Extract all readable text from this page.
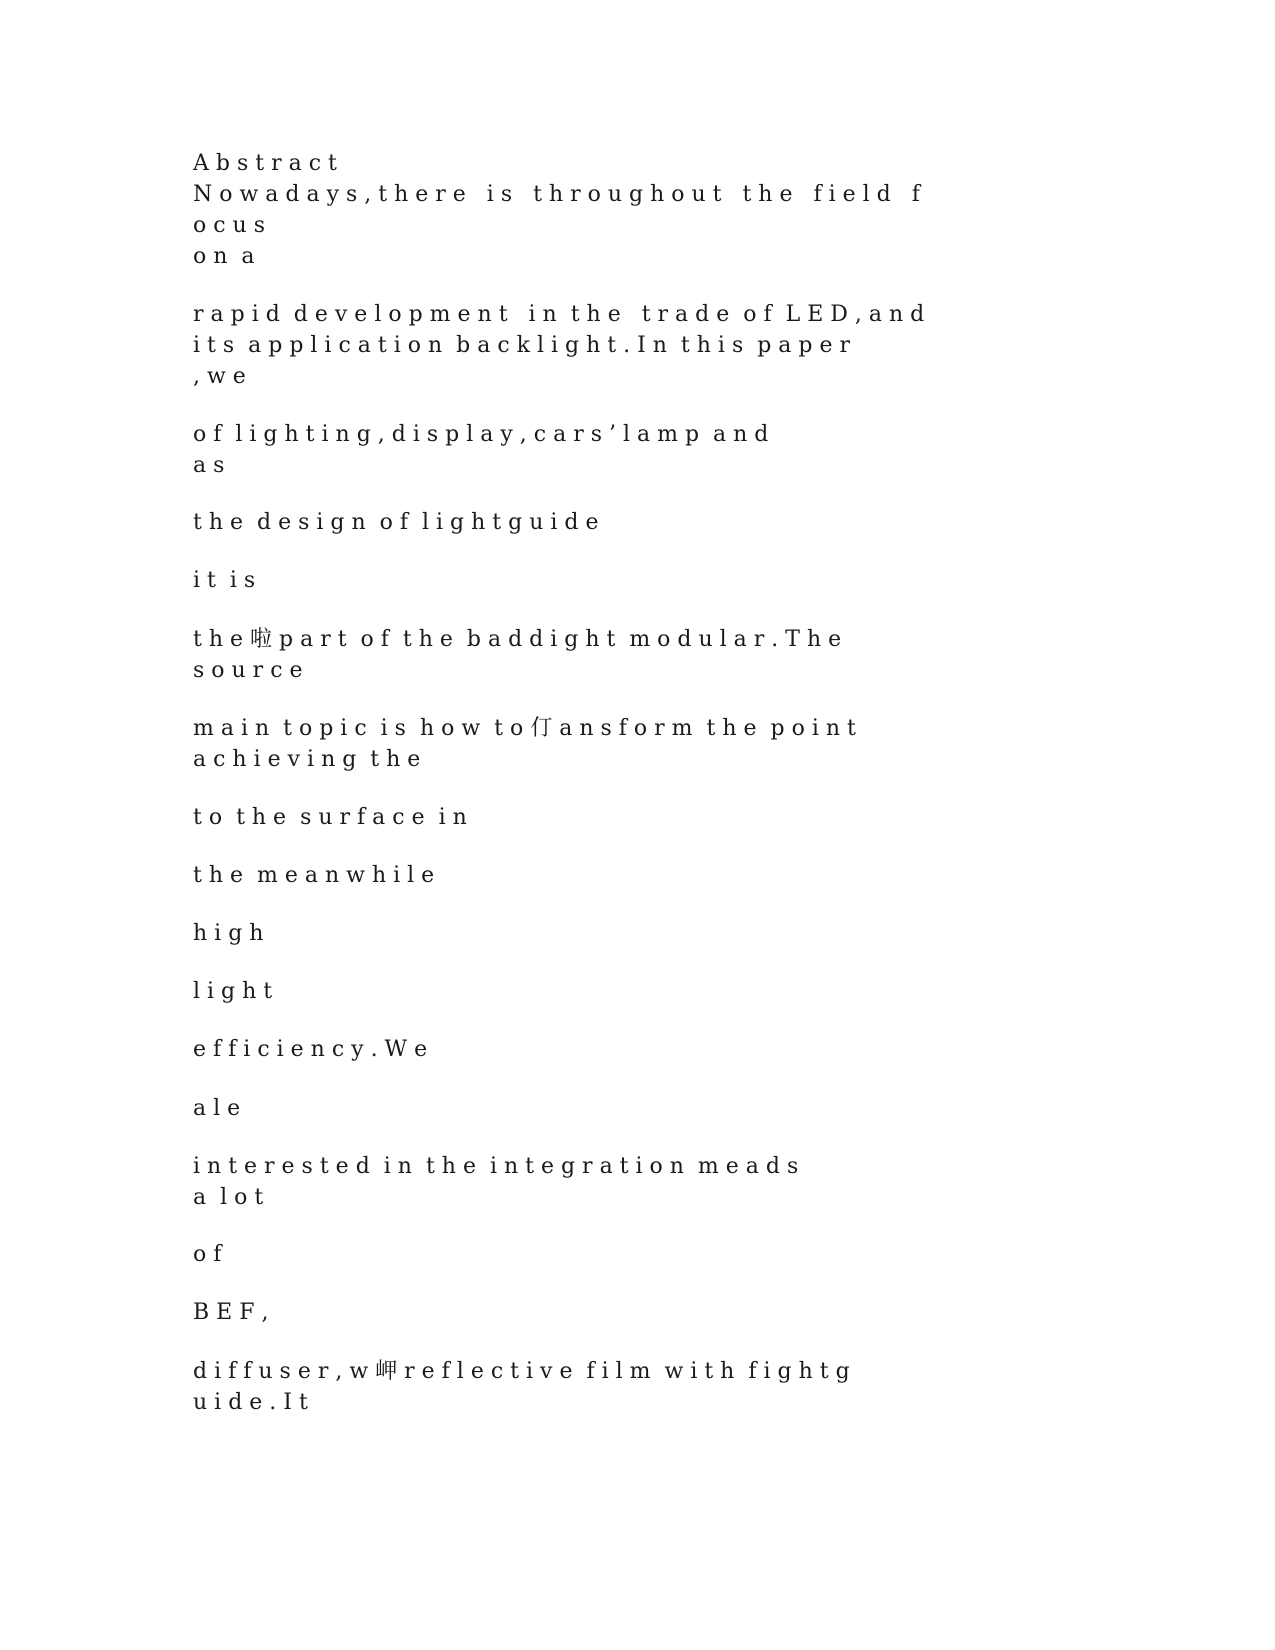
A b s t r a c t
N o w a d a y s , t h e r e   i s   t h r o u g h o u t   t h e   f i e l d   f
o c u s
o n  a
r a p i d  d e v e l o p m e n t   i n  t h e   t r a d e  o f  L E D , a n d
i t s  a p p l i c a t i o n  b a c k l i g h t . I n  t h i s  p a p e r
, w e
o f  l i g h t i n g , d i s p l a y , c a r s ’ l a m p  a n d
a s
t h e  d e s i g n  o f  l i g h t g u i d e
i t  i s
t h e 啦 p a r t  o f  t h e  b a d d i g h t  m o d u l a r . T h e
s o u r c e
m a i n  t o p i c  i s  h o w  t o 仃 a n s f o r m  t h e  p o i n t
a c h i e v i n g  t h e
t o  t h e  s u r f a c e  i n
t h e  m e a n w h i l e
h i g h
l i g h t
e f f i c i e n c y . W e
a l e
i n t e r e s t e d  i n  t h e  i n t e g r a t i o n  m e a d s
a  l o t
o f
B E F ,
d i f f u s e r , w 岬 r e f l e c t i v e  f i l m  w i t h  f i g h t g
u i d e . I t
